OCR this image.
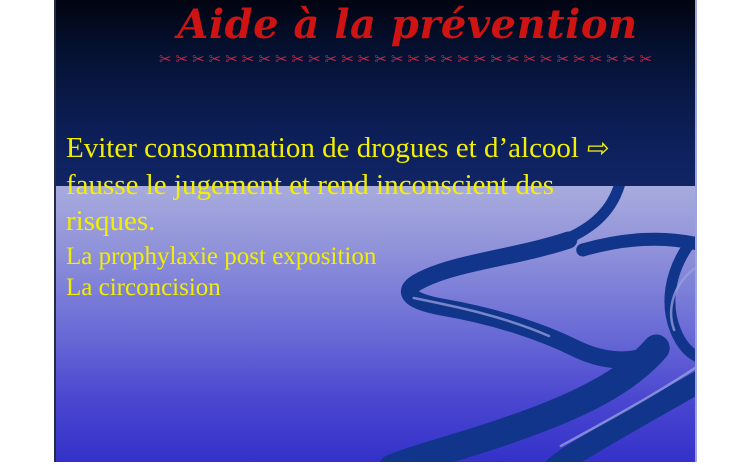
Aide à la prévention
✂✂✂✂✂✂✂✂✂✂✂✂✂✂✂✂✂✂✂✂✂✂✂✂✂✂✂✂✂✂
Eviter consommation de drogues et d’alcool ⇨
fausse le jugement et rend inconscient des
risques.
La prophylaxie post exposition
La circoncision
